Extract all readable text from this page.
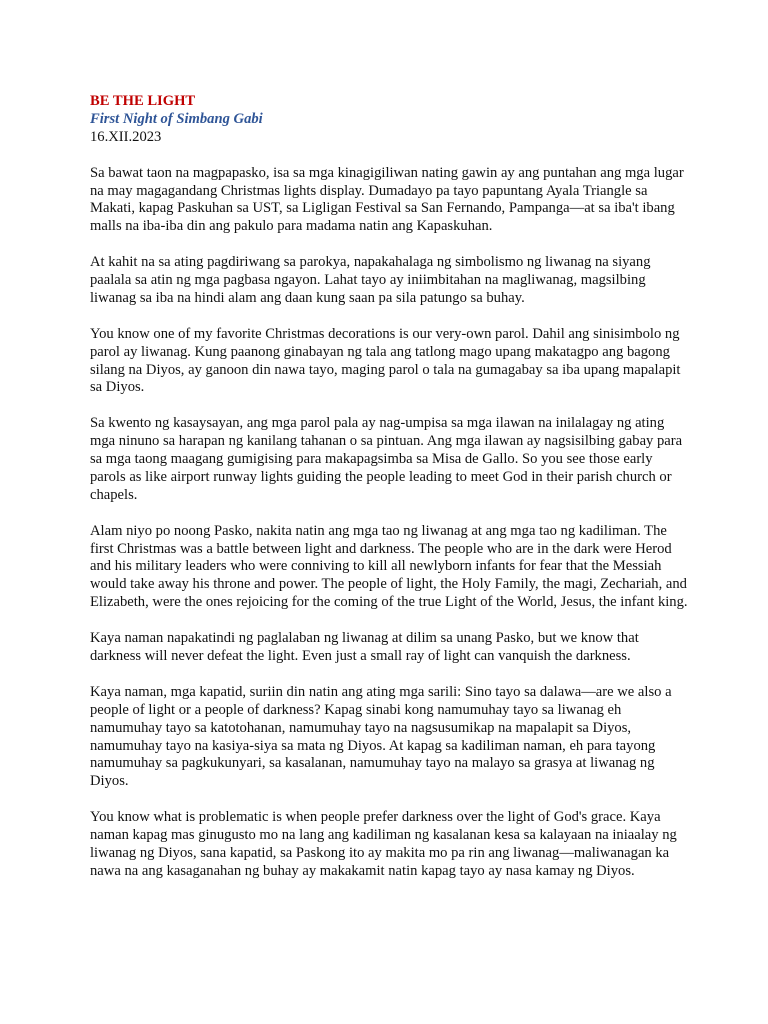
BE THE LIGHT

First Night of Simbang Gabi

16.XII.2023

Sa bawat taon na magpapasko, isa sa mga kinagigiliwan nating gawin ay ang puntahan ang mga lugar na may magagandang Christmas lights display. Dumadayo pa tayo papuntang Ayala Triangle sa Makati, kapag Paskuhan sa UST, sa Ligligan Festival sa San Fernando, Pampanga—at sa iba't ibang malls na iba-iba din ang pakulo para madama natin ang Kapaskuhan.

At kahit na sa ating pagdiriwang sa parokya, napakahalaga ng simbolismo ng liwanag na siyang paalala sa atin ng mga pagbasa ngayon. Lahat tayo ay iniimbitahan na magliwanag, magsilbing liwanag sa iba na hindi alam ang daan kung saan pa sila patungo sa buhay.

You know one of my favorite Christmas decorations is our very-own parol. Dahil ang sinisimbolo ng parol ay liwanag. Kung paanong ginabayan ng tala ang tatlong mago upang makatagpo ang bagong silang na Diyos, ay ganoon din nawa tayo, maging parol o tala na gumagabay sa iba upang mapalapit sa Diyos.

Sa kwento ng kasaysayan, ang mga parol pala ay nag-umpisa sa mga ilawan na inilalagay ng ating mga ninuno sa harapan ng kanilang tahanan o sa pintuan. Ang mga ilawan ay nagsisilbing gabay para sa mga taong maagang gumigising para makapagsimba sa Misa de Gallo. So you see those early parols as like airport runway lights guiding the people leading to meet God in their parish church or chapels.

Alam niyo po noong Pasko, nakita natin ang mga tao ng liwanag at ang mga tao ng kadiliman. The first Christmas was a battle between light and darkness. The people who are in the dark were Herod and his military leaders who were conniving to kill all newlyborn infants for fear that the Messiah would take away his throne and power. The people of light, the Holy Family, the magi, Zechariah, and Elizabeth, were the ones rejoicing for the coming of the true Light of the World, Jesus, the infant king.

Kaya naman napakatindi ng paglalaban ng liwanag at dilim sa unang Pasko, but we know that darkness will never defeat the light. Even just a small ray of light can vanquish the darkness.

Kaya naman, mga kapatid, suriin din natin ang ating mga sarili: Sino tayo sa dalawa—are we also a people of light or a people of darkness? Kapag sinabi kong namumuhay tayo sa liwanag eh namumuhay tayo sa katotohanan, namumuhay tayo na nagsusumikap na mapalapit sa Diyos, namumuhay tayo na kasiya-siya sa mata ng Diyos. At kapag sa kadiliman naman, eh para tayong namumuhay sa pagkukunyari, sa kasalanan, namumuhay tayo na malayo sa grasya at liwanag ng Diyos.

You know what is problematic is when people prefer darkness over the light of God's grace. Kaya naman kapag mas ginugusto mo na lang ang kadiliman ng kasalanan kesa sa kalayaan na iniaalay ng liwanag ng Diyos, sana kapatid, sa Paskong ito ay makita mo pa rin ang liwanag—maliwanagan ka nawa na ang kasaganahan ng buhay ay makakamit natin kapag tayo ay nasa kamay ng Diyos.
